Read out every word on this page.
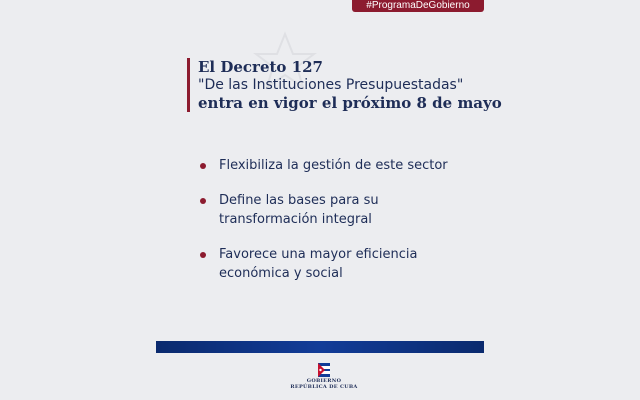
#ProgramaDeGobierno
El Decreto 127
"De las Instituciones Presupuestadas"
entra en vigor el próximo 8 de mayo
Flexibiliza la gestión de este sector
Define las bases para su
transformación integral
Favorece una mayor eficiencia
económica y social
GOBIERNO
REPÚBLICA DE CUBA
